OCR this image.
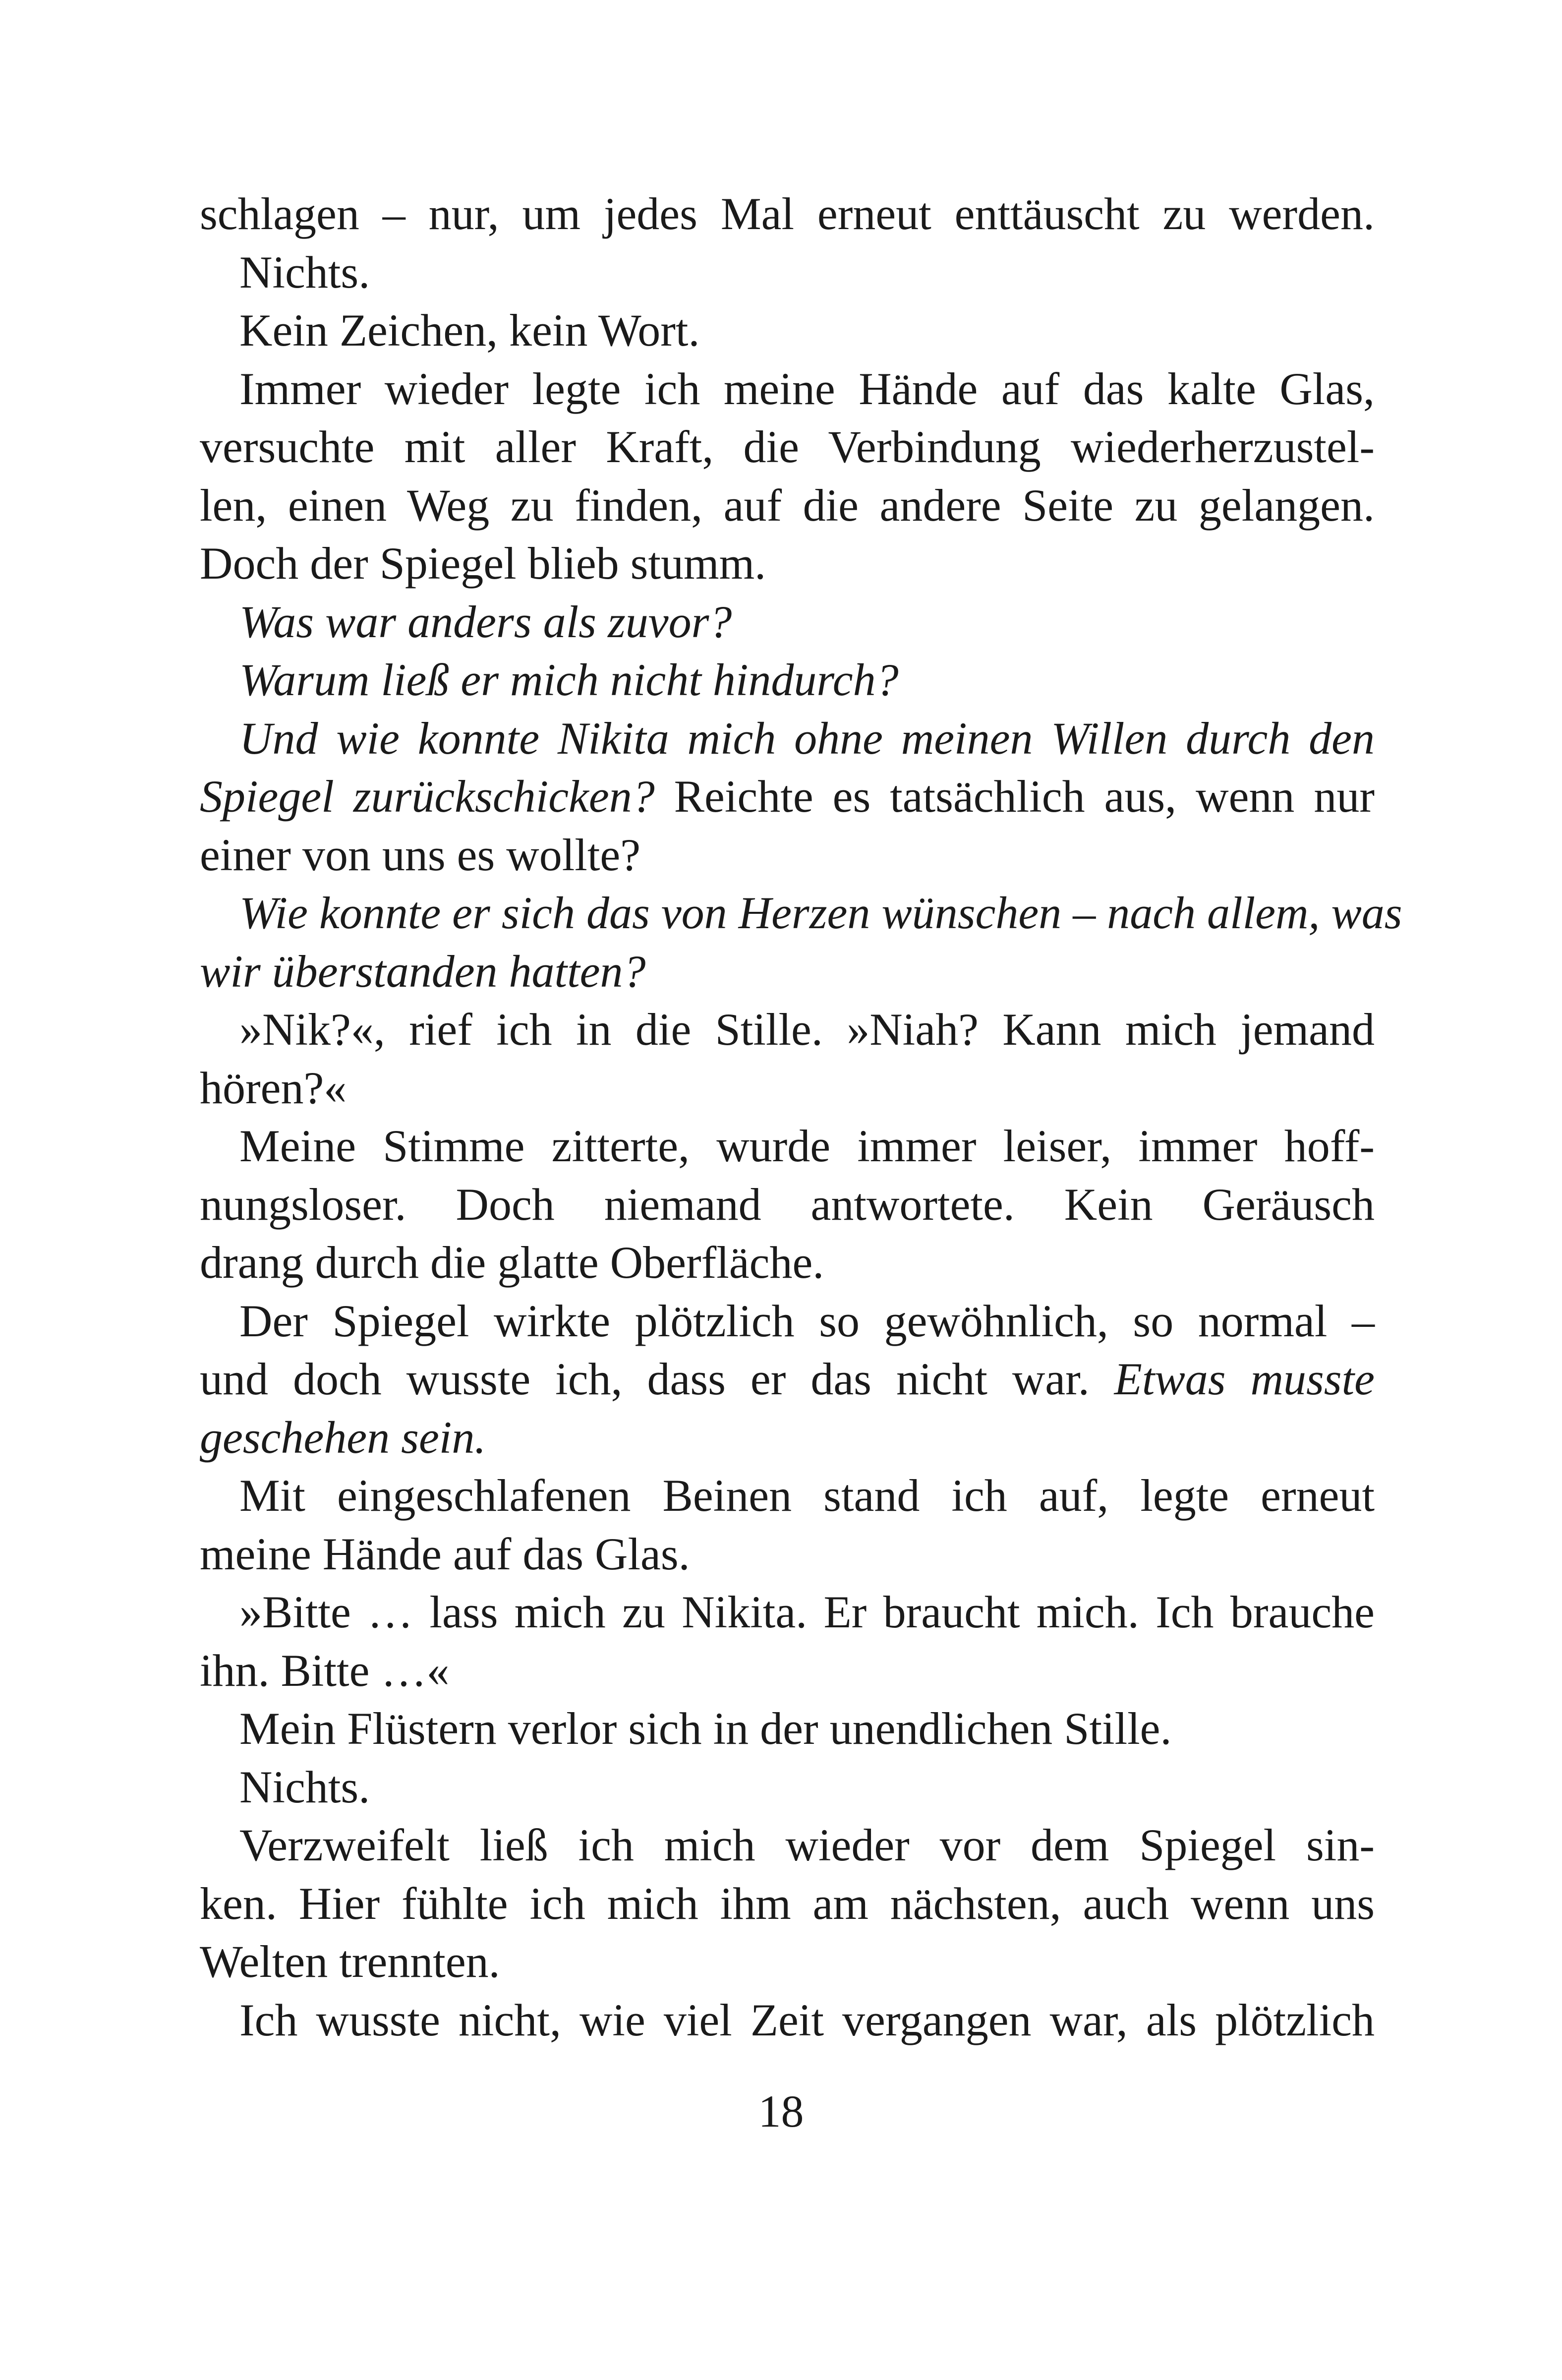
schlagen – nur, um jedes Mal erneut enttäuscht zu werden.
Nichts.
Kein Zeichen, kein Wort.
Immer wieder legte ich meine Hände auf das kalte Glas,
versuchte mit aller Kraft, die Verbindung wiederherzustel-
len, einen Weg zu finden, auf die andere Seite zu gelangen.
Doch der Spiegel blieb stumm.
Was war anders als zuvor?
Warum ließ er mich nicht hindurch?
Und wie konnte Nikita mich ohne meinen Willen durch den
Spiegel zurückschicken? Reichte es tatsächlich aus, wenn nur
einer von uns es wollte?
Wie konnte er sich das von Herzen wünschen – nach allem, was
wir überstanden hatten?
»Nik?«, rief ich in die Stille. »Niah? Kann mich jemand
hören?«
Meine Stimme zitterte, wurde immer leiser, immer hoff-
nungsloser. Doch niemand antwortete. Kein Geräusch
drang durch die glatte Oberfläche.
Der Spiegel wirkte plötzlich so gewöhnlich, so normal –
und doch wusste ich, dass er das nicht war. Etwas musste
geschehen sein.
Mit eingeschlafenen Beinen stand ich auf, legte erneut
meine Hände auf das Glas.
»Bitte … lass mich zu Nikita. Er braucht mich. Ich brauche
ihn. Bitte …«
Mein Flüstern verlor sich in der unendlichen Stille.
Nichts.
Verzweifelt ließ ich mich wieder vor dem Spiegel sin-
ken. Hier fühlte ich mich ihm am nächsten, auch wenn uns
Welten trennten.
Ich wusste nicht, wie viel Zeit vergangen war, als plötzlich
18
